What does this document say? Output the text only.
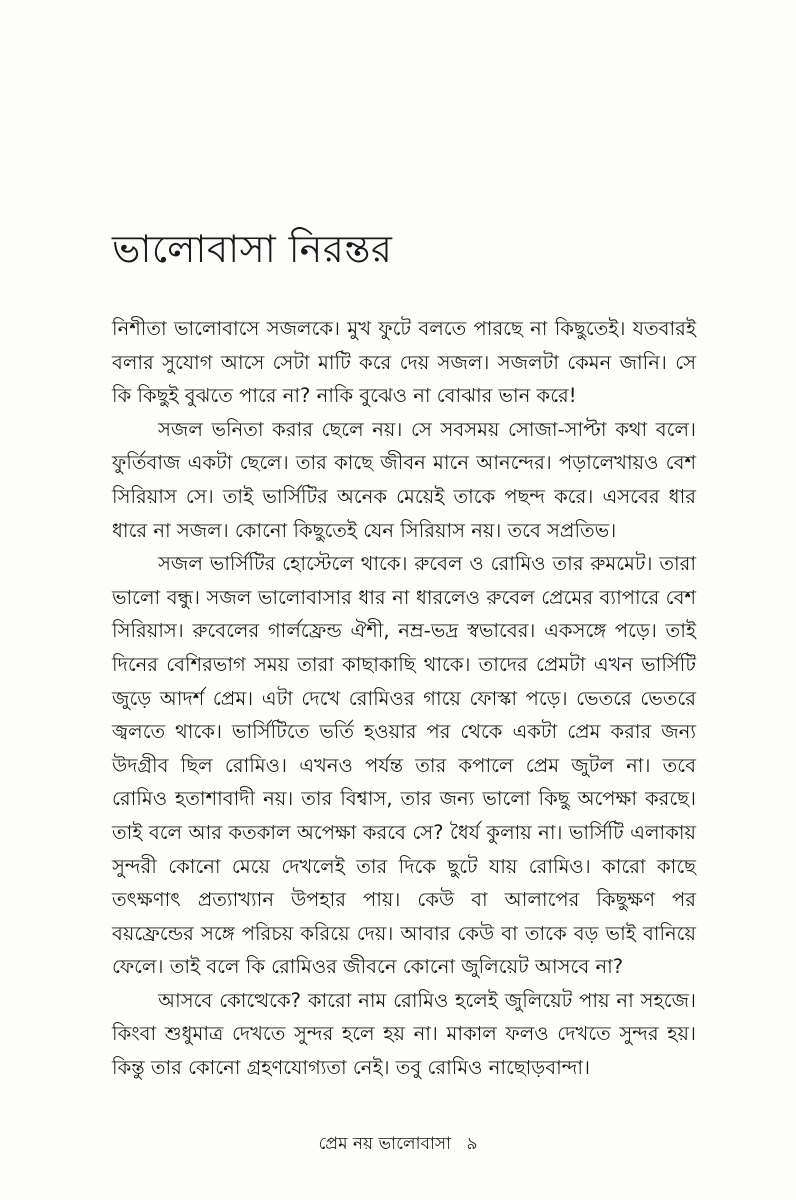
ভালোবাসা নিরন্তর

নিশীতা ভালোবাসে সজলকে। মুখ ফুটে বলতে পারছে না কিছুতেই। যতবারই বলার সুযোগ আসে সেটা মাটি করে দেয় সজল। সজলটা কেমন জানি। সে কি কিছুই বুঝতে পারে না? নাকি বুঝেও না বোঝার ভান করে!

সজল ভনিতা করার ছেলে নয়। সে সবসময় সোজা-সাপ্টা কথা বলে। ফুর্তিবাজ একটা ছেলে। তার কাছে জীবন মানে আনন্দের। পড়ালেখায়ও বেশ সিরিয়াস সে। তাই ভার্সিটির অনেক মেয়েই তাকে পছন্দ করে। এসবের ধার ধারে না সজল। কোনো কিছুতেই যেন সিরিয়াস নয়। তবে সপ্রতিভ।

সজল ভার্সিটির হোস্টেলে থাকে। রুবেল ও রোমিও তার রুমমেট। তারা ভালো বন্ধু। সজল ভালোবাসার ধার না ধারলেও রুবেল প্রেমের ব্যাপারে বেশ সিরিয়াস। রুবেলের গার্লফ্রেন্ড ঐশী, নম্র-ভদ্র স্বভাবের। একসঙ্গে পড়ে। তাই দিনের বেশিরভাগ সময় তারা কাছাকাছি থাকে। তাদের প্রেমটা এখন ভার্সিটি জুড়ে আদর্শ প্রেম। এটা দেখে রোমিওর গায়ে ফোস্কা পড়ে। ভেতরে ভেতরে জ্বলতে থাকে। ভার্সিটিতে ভর্তি হওয়ার পর থেকে একটা প্রেম করার জন্য উদগ্রীব ছিল রোমিও। এখনও পর্যন্ত তার কপালে প্রেম জুটল না। তবে রোমিও হতাশাবাদী নয়। তার বিশ্বাস, তার জন্য ভালো কিছু অপেক্ষা করছে। তাই বলে আর কতকাল অপেক্ষা করবে সে? ধৈর্য কুলায় না। ভার্সিটি এলাকায় সুন্দরী কোনো মেয়ে দেখলেই তার দিকে ছুটে যায় রোমিও। কারো কাছে তৎক্ষণাৎ প্রত্যাখ্যান উপহার পায়। কেউ বা আলাপের কিছুক্ষণ পর বয়ফ্রেন্ডের সঙ্গে পরিচয় করিয়ে দেয়। আবার কেউ বা তাকে বড় ভাই বানিয়ে ফেলে। তাই বলে কি রোমিওর জীবনে কোনো জুলিয়েট আসবে না?

আসবে কোত্থেকে? কারো নাম রোমিও হলেই জুলিয়েট পায় না সহজে। কিংবা শুধুমাত্র দেখতে সুন্দর হলে হয় না। মাকাল ফলও দেখতে সুন্দর হয়। কিন্তু তার কোনো গ্রহণযোগ্যতা নেই। তবু রোমিও নাছোড়বান্দা।

প্রেম নয় ভালোবাসা ৯
